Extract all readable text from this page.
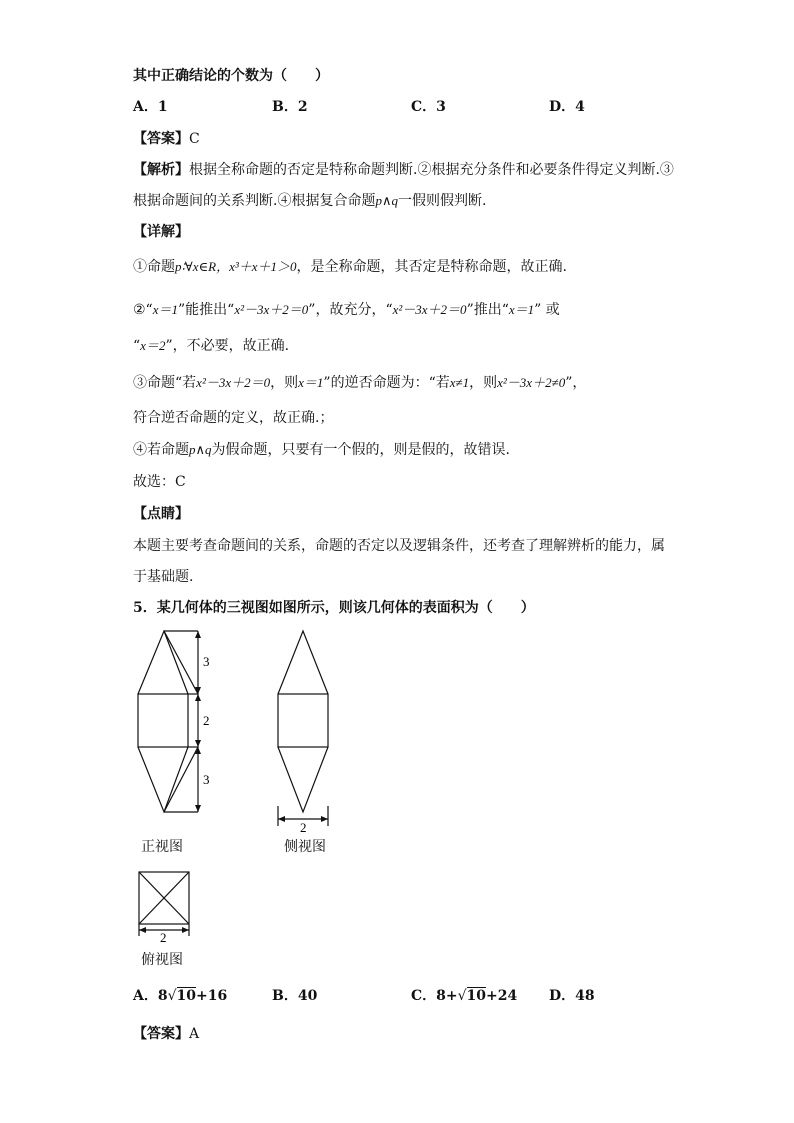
其中正确结论的个数为（　　）
A．1	B．2	C．3	D．4
【答案】C
【解析】根据全称命题的否定是特称命题判断.②根据充分条件和必要条件得定义判断.③
根据命题间的关系判断.④根据复合命题p∧q一假则假判断.
【详解】
①命题p∶∀x∈R，x³＋x＋1＞0，是全称命题，其否定是特称命题，故正确.
②“x＝1”能推出“x²－3x＋2＝0”，故充分，“x²－3x＋2＝0”推出“x＝1” 或
“x＝2”，不必要，故正确.
③命题“若x²－3x＋2＝0，则x＝1”的逆否命题为：“若x≠1，则x²－3x＋2≠0”，
符合逆否命题的定义，故正确.；
④若命题p∧q为假命题，只要有一个假的，则是假的，故错误.
故选：C
【点睛】
本题主要考查命题间的关系，命题的否定以及逻辑条件，还考查了理解辨析的能力，属
于基础题.
5．某几何体的三视图如图所示，则该几何体的表面积为（　　）
3
2
3
正视图
2
侧视图
2
俯视图
A．8√10+16	B．40	C．8+√10+24 D．48
【答案】A
